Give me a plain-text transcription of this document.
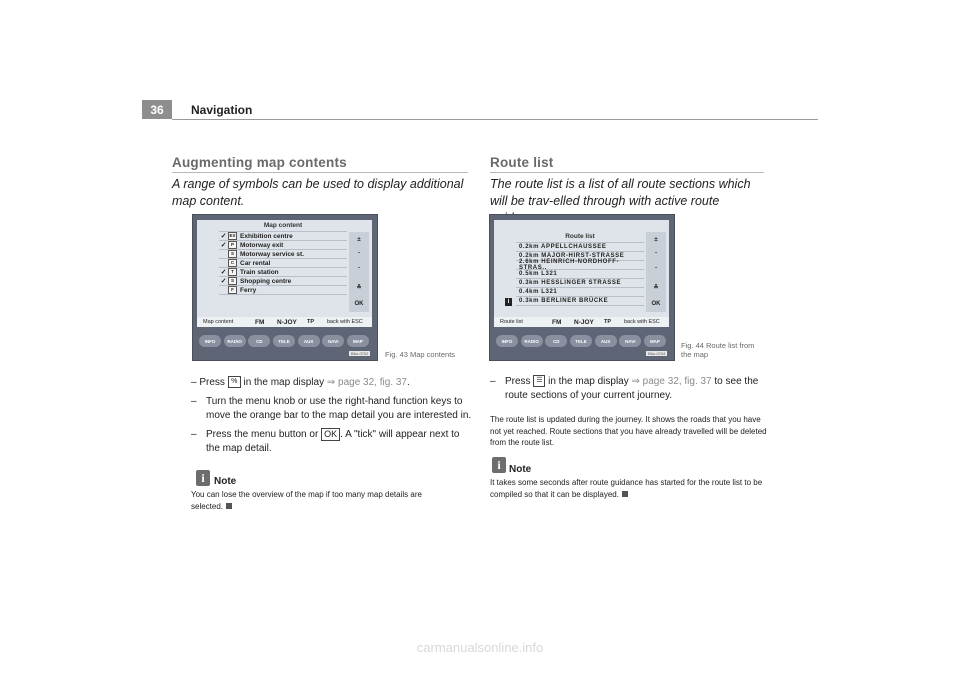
36	Navigation
Augmenting map contents
A range of symbols can be used to display additional map content.
Map content
✓ EX Exhibition centre
✓	P Motorway exit
S Motorway service st.
C Car rental
✓	T Train station
✓	S Shopping centre
F Ferry
±
ˆ
ˇ
≚
OK
Map content	FM	N-JOY	TP	back with ESC
INFO	RADIO	CD	TELE	AUX	NAVI	MAP
B6u-0702 Fig. 43 Map contents
– Press % in the map display ⇒ page 32, fig. 37.
– Turn the menu knob or use the right-hand function keys to move the orange bar to the map detail you are interested in.
– Press the menu button or OK . A "tick" will appear next to the map detail.
i Note
You can lose the overview of the map if too many map details are selected.
Route list
The route list is a list of all route sections which will be trav-elled through with active route
Route list
0.2km APPELLCHAUSSEE
0.2km MAJOR-HIRST-STRASSE
2.6km HEINRICH-NORDHOFF-STRAS..
0.5km L321
0.3km HESSLINGER STRASSE
0.4km L321
0.3km BERLINER BRÜCKE
i
±
ˆ
ˇ
≚
OK
Route list	FM	N-JOY	TP	back with ESC
INFO	RADIO	CD	TELE	AUX	NAVI	MAP
B6u-0704
Fig. 44 Route list from
the map
– Press ☰ in the map display ⇒ page 32, fig. 37 to see the route sections of your current journey.
The route list is updated during the journey. It shows the roads that you have not yet reached. Route sections that you have already travelled will be deleted from the route list.
i Note
It takes some seconds after route guidance has started for the route list to be compiled so that it can be displayed.
carmanualsonline.info
